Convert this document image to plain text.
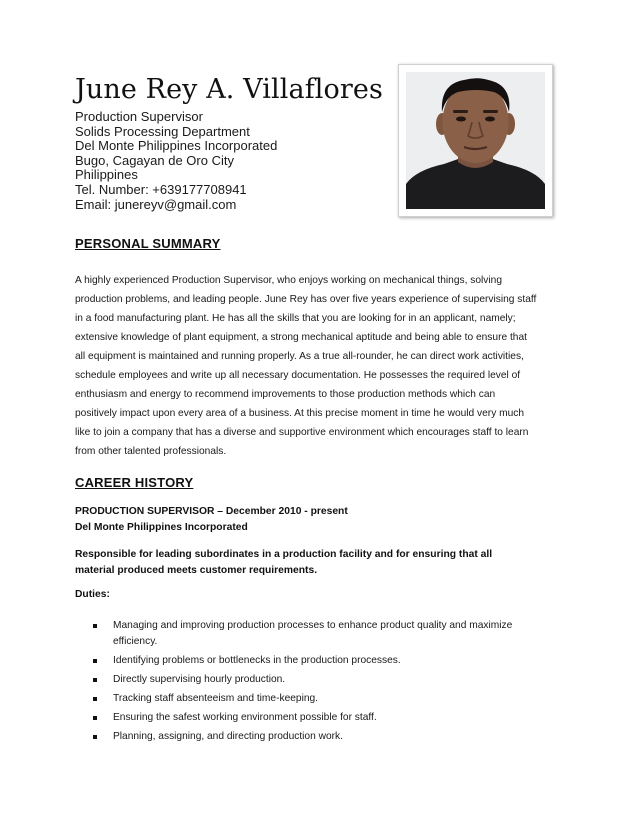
June Rey A. Villaflores
Production Supervisor
Solids Processing Department
Del Monte Philippines Incorporated
Bugo, Cagayan de Oro City
Philippines
Tel. Number: +639177708941
Email: junereyv@gmail.com
PERSONAL SUMMARY
A highly experienced Production Supervisor, who enjoys working on mechanical things, solving
production problems, and leading people. June Rey has over five years experience of supervising staff
in a food manufacturing plant. He has all the skills that you are looking for in an applicant, namely;
extensive knowledge of plant equipment, a strong mechanical aptitude and being able to ensure that
all equipment is maintained and running properly. As a true all-rounder, he can direct work activities,
schedule employees and write up all necessary documentation. He possesses the required level of
enthusiasm and energy to recommend improvements to those production methods which can
positively impact upon every area of a business. At this precise moment in time he would very much
like to join a company that has a diverse and supportive environment which encourages staff to learn
from other talented professionals.
CAREER HISTORY
PRODUCTION SUPERVISOR – December 2010 - present
Del Monte Philippines Incorporated
Responsible for leading subordinates in a production facility and for ensuring that all
material produced meets customer requirements.
Duties:
Managing and improving production processes to enhance product quality and maximize
efficiency.
Identifying problems or bottlenecks in the production processes.
Directly supervising hourly production.
Tracking staff absenteeism and time-keeping.
Ensuring the safest working environment possible for staff.
Planning, assigning, and directing production work.
